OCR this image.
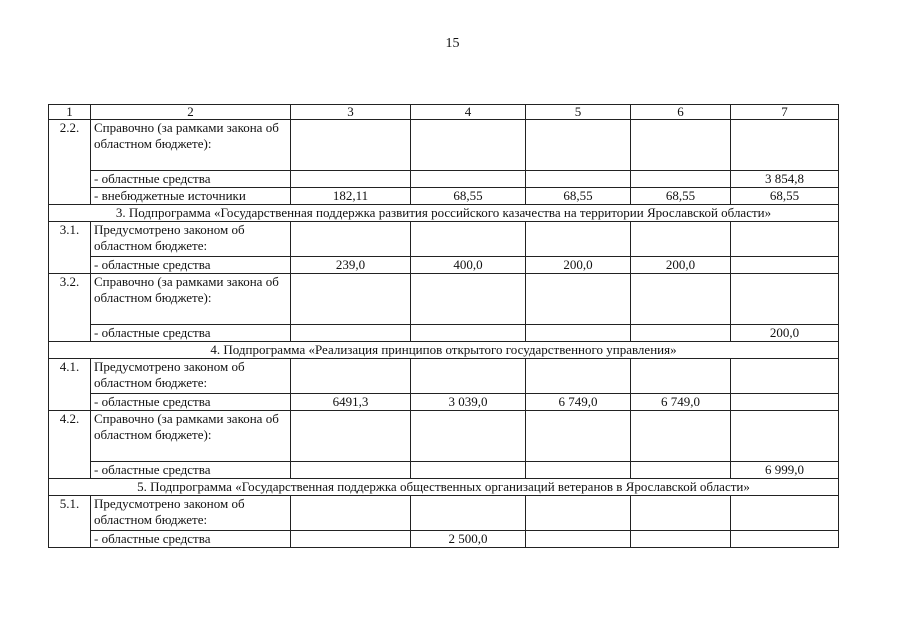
15
1	2	3	4	5	6	7
2.2.	Справочно (за рамками закона об областном бюджете):					
	- областные средства					3 854,8
	- внебюджетные источники	182,11	68,55	68,55	68,55	68,55
3. Подпрограмма «Государственная поддержка развития российского казачества на территории Ярославской области»						
3.1.	Предусмотрено законом об областном бюджете:					
	- областные средства	239,0	400,0	200,0	200,0	
3.2.	Справочно (за рамками закона об областном бюджете):					
	- областные средства					200,0
4. Подпрограмма «Реализация принципов открытого государственного управления»						
4.1.	Предусмотрено законом об областном бюджете:					
	- областные средства	6491,3	3 039,0	6 749,0	6 749,0	
4.2.	Справочно (за рамками закона об областном бюджете):					
	- областные средства					6 999,0
5. Подпрограмма «Государственная поддержка общественных организаций ветеранов в Ярославской области»						
5.1.	Предусмотрено законом об областном бюджете:					
	- областные средства		2 500,0			
